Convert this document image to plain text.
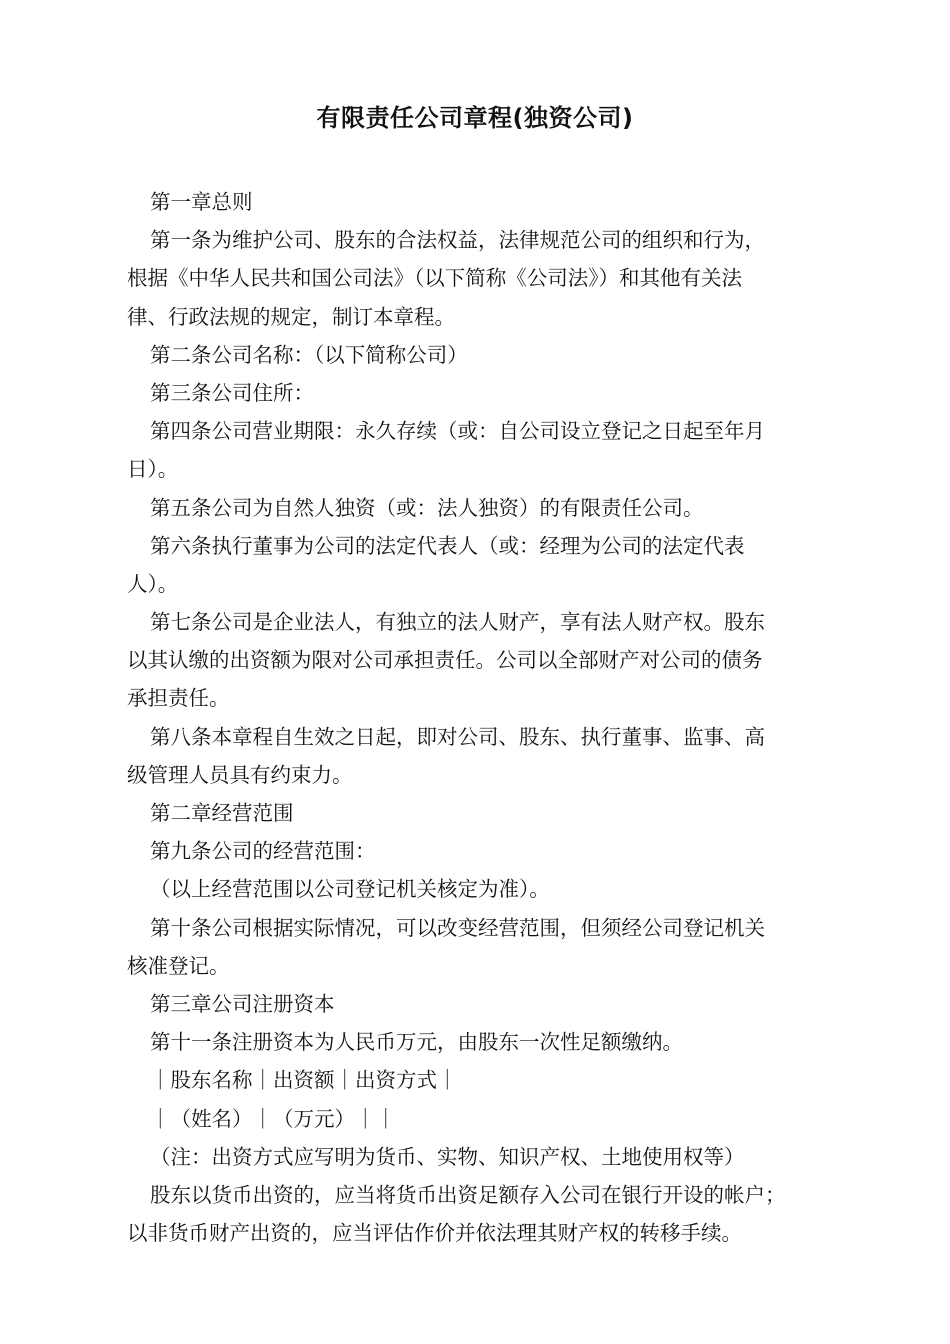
有限责任公司章程(独资公司)
第一章总则
第一条为维护公司、股东的合法权益，法律规范公司的组织和行为，
根据《中华人民共和国公司法》（以下简称《公司法》）和其他有关法
律、行政法规的规定，制订本章程。
第二条公司名称：（以下简称公司）
第三条公司住所：
第四条公司营业期限：永久存续（或：自公司设立登记之日起至年月
日）。
第五条公司为自然人独资（或：法人独资）的有限责任公司。
第六条执行董事为公司的法定代表人（或：经理为公司的法定代表
人）。
第七条公司是企业法人，有独立的法人财产，享有法人财产权。股东
以其认缴的出资额为限对公司承担责任。公司以全部财产对公司的债务
承担责任。
第八条本章程自生效之日起，即对公司、股东、执行董事、监事、高
级管理人员具有约束力。
第二章经营范围
第九条公司的经营范围：
（以上经营范围以公司登记机关核定为准）。
第十条公司根据实际情况，可以改变经营范围，但须经公司登记机关
核准登记。
第三章公司注册资本
第十一条注册资本为人民币万元，由股东一次性足额缴纳。
｜股东名称｜出资额｜出资方式｜
｜（姓名）｜（万元）｜｜
（注：出资方式应写明为货币、实物、知识产权、土地使用权等）
股东以货币出资的，应当将货币出资足额存入公司在银行开设的帐户；
以非货币财产出资的，应当评估作价并依法理其财产权的转移手续。
